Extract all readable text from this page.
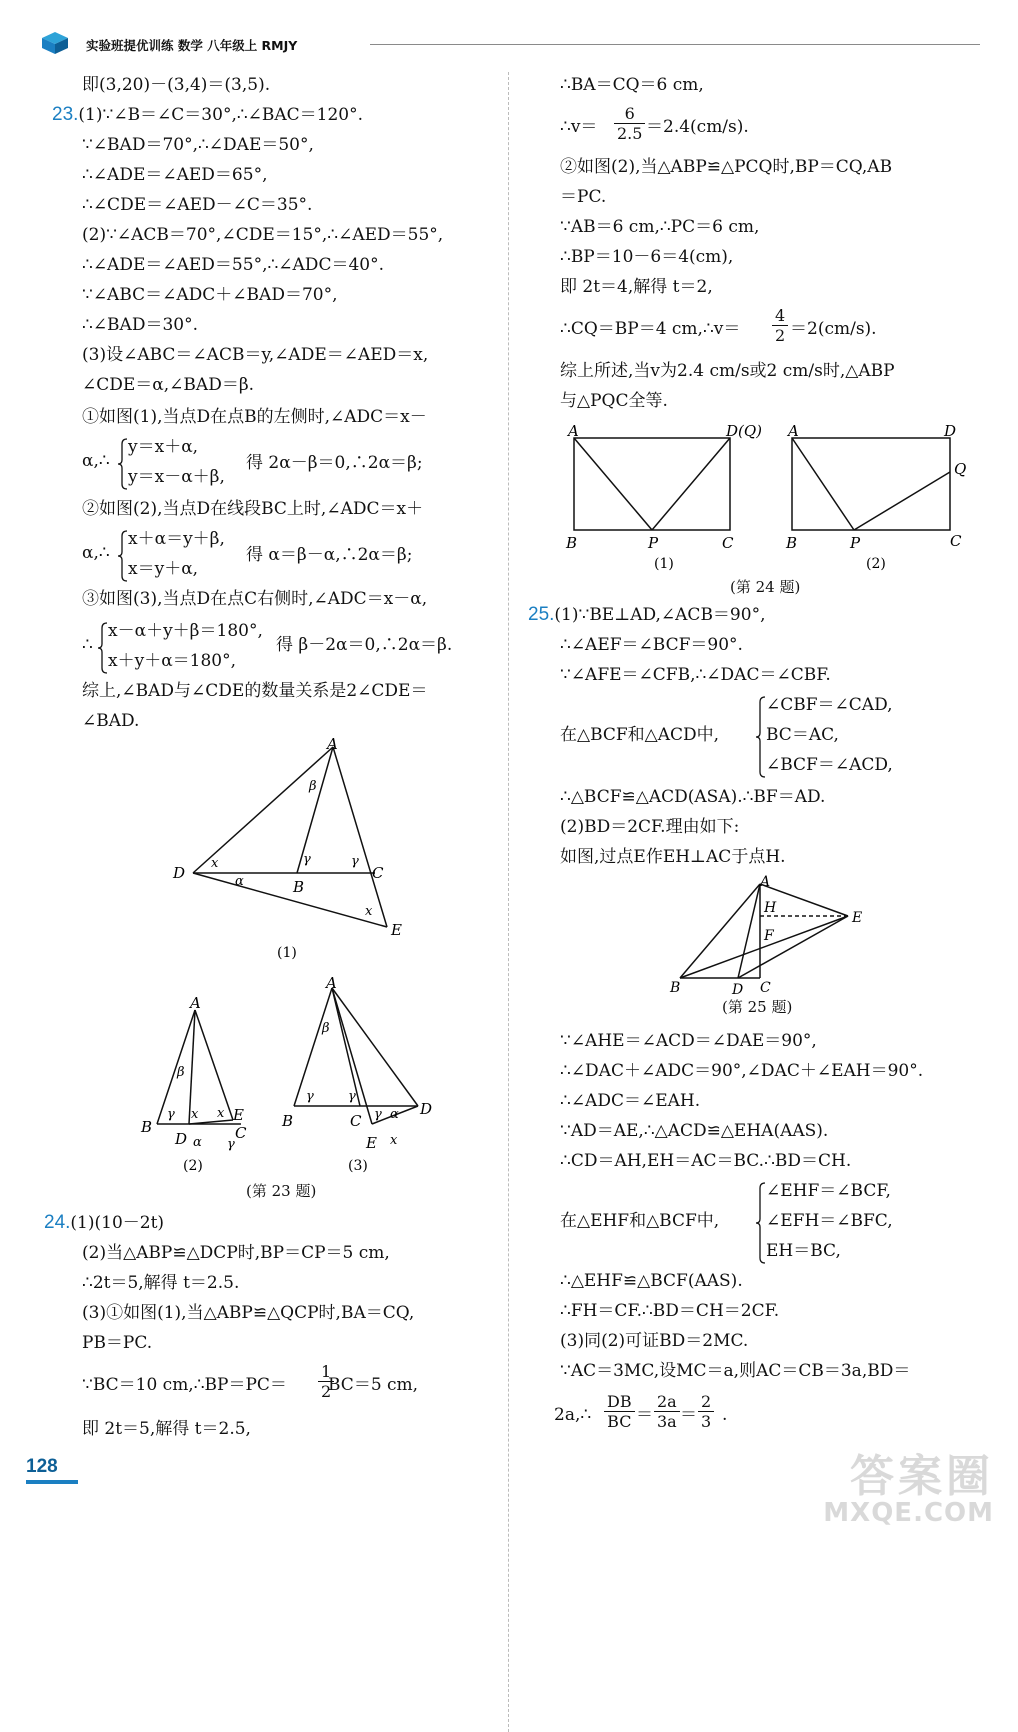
实验班提优训练 数学 八年级上 RMJY
即(3,20)－(3,4)＝(3,5).
23.(1)∵∠B＝∠C＝30°,∴∠BAC＝120°.
∵∠BAD＝70°,∴∠DAE＝50°,
∴∠ADE＝∠AED＝65°,
∴∠CDE＝∠AED－∠C＝35°.
(2)∵∠ACB＝70°,∠CDE＝15°,∴∠AED＝55°,
∴∠ADE＝∠AED＝55°,∴∠ADC＝40°.
∵∠ABC＝∠ADC＋∠BAD＝70°,
∴∠BAD＝30°.
(3)设∠ABC＝∠ACB＝y,∠ADE＝∠AED＝x,
∠CDE＝α,∠BAD＝β.
①如图(1),当点D在点B的左侧时,∠ADC＝x－
α,∴
y＝x＋α,
y＝x－α＋β,
得 2α－β＝0,∴2α＝β;
②如图(2),当点D在线段BC上时,∠ADC＝x＋
α,∴
x＋α＝y＋β,
x＝y＋α,
得 α＝β－α,∴2α＝β;
③如图(3),当点D在点C右侧时,∠ADC＝x－α,
∴
x－α＋y＋β＝180°,
x＋y＋α＝180°,
得 β－2α＝0,∴2α＝β.
综上,∠BAD与∠CDE的数量关系是2∠CDE＝
∠BAD.
24.(1)(10－2t)
(2)当△ABP≌△DCP时,BP＝CP＝5 cm,
∴2t＝5,解得 t＝2.5.
(3)①如图(1),当△ABP≌△QCP时,BA＝CQ,
PB＝PC.
∵BC＝10 cm,∴BP＝PC＝ BC＝5 cm,
即 2t＝5,解得 t＝2.5,
$\frac{1}{2}$
∴BA＝CQ＝6 cm,
∴v＝	＝2.4(cm/s).
②如图(2),当△ABP≌△PCQ时,BP＝CQ,AB
＝PC.
∵AB＝6 cm,∴PC＝6 cm,
∴BP＝10－6＝4(cm),
即 2t＝4,解得 t＝2,
∴CQ＝BP＝4 cm,∴v＝	＝2(cm/s).
综上所述,当v为2.4 cm/s或2 cm/s时,△ABP
与△PQC全等.
25.(1)∵BE⊥AD,∠ACB＝90°,
∴∠AEF＝∠BCF＝90°.
∵∠AFE＝∠CFB,∴∠DAC＝∠CBF.
∠CBF＝∠CAD,
在△BCF和△ACD中,	BC＝AC,
∠BCF＝∠ACD,
∴△BCF≌△ACD(ASA).∴BF＝AD.
(2)BD＝2CF.理由如下:
如图,过点E作EH⊥AC于点H.
∵∠AHE＝∠ACD＝∠DAE＝90°,
∴∠DAC＋∠ADC＝90°,∠DAC＋∠EAH＝90°.
∴∠ADC＝∠EAH.
∵AD＝AE,∴△ACD≌△EHA(AAS).
∴CD＝AH,EH＝AC＝BC.∴BD＝CH.
∠EHF＝∠BCF,
在△EHF和△BCF中,	∠EFH＝∠BFC,
EH＝BC,
∴△EHF≌△BCF(AAS).
∴FH＝CF.∴BD＝CH＝2CF.
(3)同(2)可证BD＝2MC.
∵AC＝3MC,设MC＝a,则AC＝CB＝3a,BD＝
2a,∴	＝ ＝ .
$\frac{6}{2.5}$
$\frac{4}{2}$
$\frac{DB}{BC} \frac{2a}{3a} \frac{2}{3}$
A
B
C
D
E
β
γ	γ
x
x
α
(1)
A
B
D
E
C
β
γ x x
α γ
(2)
A
B	C
D
E
β
γ	γ
γ α
x
(3)
(第 23 题)
A	D(Q)
B	P	C
(1)
A	D
Q
B	P	C
(2)
(第 24 题)
A
H
E
F
B	D C
(第 25 题)
128	答案圈
MXQE.COM
